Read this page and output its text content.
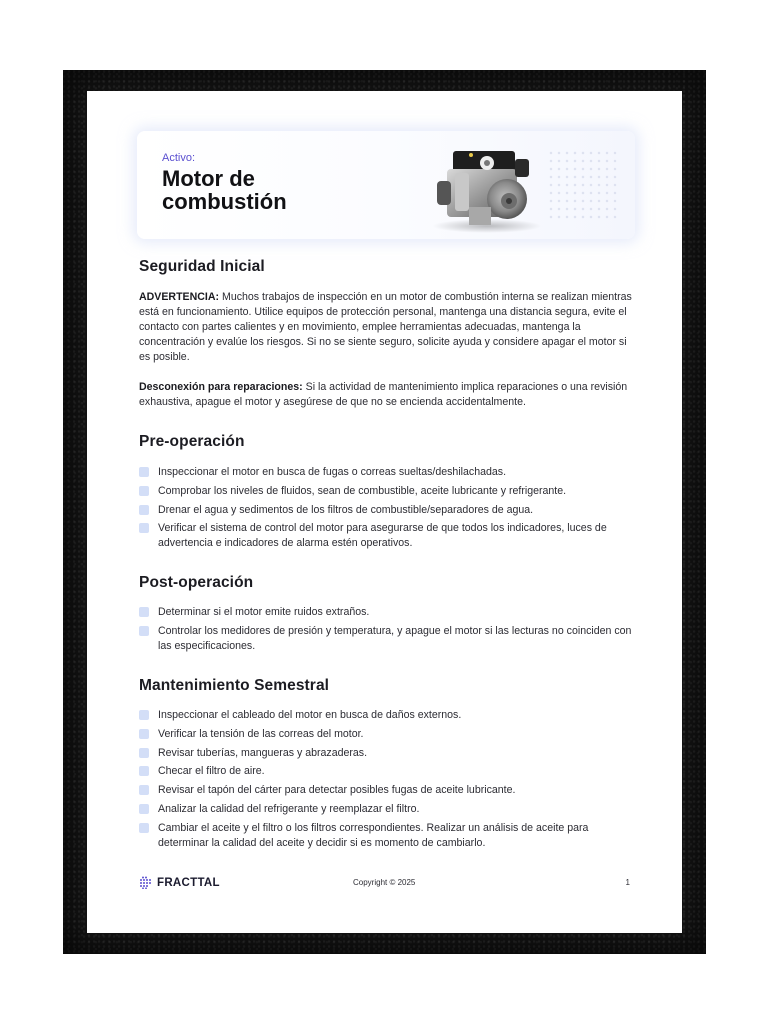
Activo:
Motor de combustión
Seguridad Inicial

ADVERTENCIA: Muchos trabajos de inspección en un motor de combustión interna se realizan mientras está en funcionamiento. Utilice equipos de protección personal, mantenga una distancia segura, evite el contacto con partes calientes y en movimiento, emplee herramientas adecuadas, mantenga la concentración y evalúe los riesgos. Si no se siente seguro, solicite ayuda y considere apagar el motor si es posible.

Desconexión para reparaciones: Si la actividad de mantenimiento implica reparaciones o una revisión exhaustiva, apague el motor y asegúrese de que no se encienda accidentalmente.

Pre-operación
Inspeccionar el motor en busca de fugas o correas sueltas/deshilachadas.
Comprobar los niveles de fluidos, sean de combustible, aceite lubricante y refrigerante.
Drenar el agua y sedimentos de los filtros de combustible/separadores de agua.
Verificar el sistema de control del motor para asegurarse de que todos los indicadores, luces de advertencia e indicadores de alarma estén operativos.
Post-operación
Determinar si el motor emite ruidos extraños.
Controlar los medidores de presión y temperatura, y apague el motor si las lecturas no coinciden con las especificaciones.
Mantenimiento Semestral
Inspeccionar el cableado del motor en busca de daños externos.
Verificar la tensión de las correas del motor.
Revisar tuberías, mangueras y abrazaderas.
Checar el filtro de aire.
Revisar el tapón del cárter para detectar posibles fugas de aceite lubricante.
Analizar la calidad del refrigerante y reemplazar el filtro.
Cambiar el aceite y el filtro o los filtros correspondientes. Realizar un análisis de aceite para determinar la calidad del aceite y decidir si es momento de cambiarlo.
FRACTTAL	Copyright © 2025	1
